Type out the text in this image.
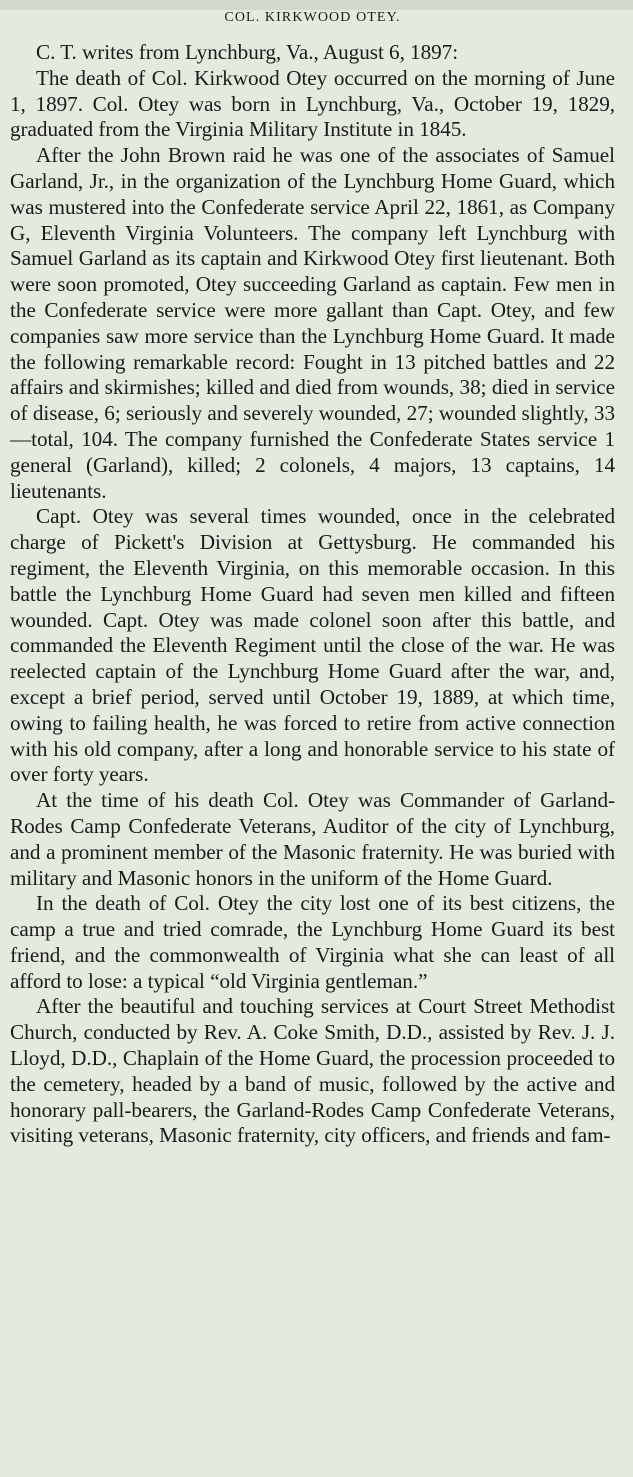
COL. KIRKWOOD OTEY.

C. T. writes from Lynchburg, Va., August 6, 1897:

The death of Col. Kirkwood Otey occurred on the morning of June 1, 1897. Col. Otey was born in Lynchburg, Va., October 19, 1829, graduated from the Virginia Military Institute in 1845.

After the John Brown raid he was one of the associates of Samuel Garland, Jr., in the organization of the Lynchburg Home Guard, which was mustered into the Confederate service April 22, 1861, as Company G, Eleventh Virginia Volunteers. The company left Lynchburg with Samuel Garland as its captain and Kirkwood Otey first lieutenant. Both were soon promoted, Otey succeeding Garland as captain. Few men in the Confederate service were more gallant than Capt. Otey, and few companies saw more service than the Lynchburg Home Guard. It made the following remarkable record: Fought in 13 pitched battles and 22 affairs and skirmishes; killed and died from wounds, 38; died in service of disease, 6; seriously and severely wounded, 27; wounded slightly, 33—total, 104. The company furnished the Confederate States service 1 general (Garland), killed; 2 colonels, 4 majors, 13 captains, 14 lieutenants.

Capt. Otey was several times wounded, once in the celebrated charge of Pickett's Division at Gettysburg. He commanded his regiment, the Eleventh Virginia, on this memorable occasion. In this battle the Lynchburg Home Guard had seven men killed and fifteen wounded. Capt. Otey was made colonel soon after this battle, and commanded the Eleventh Regiment until the close of the war. He was reelected captain of the Lynchburg Home Guard after the war, and, except a brief period, served until October 19, 1889, at which time, owing to failing health, he was forced to retire from active connection with his old company, after a long and honorable service to his state of over forty years.

At the time of his death Col. Otey was Commander of Garland-Rodes Camp Confederate Veterans, Auditor of the city of Lynchburg, and a prominent member of the Masonic fraternity. He was buried with military and Masonic honors in the uniform of the Home Guard.

In the death of Col. Otey the city lost one of its best citizens, the camp a true and tried comrade, the Lynchburg Home Guard its best friend, and the commonwealth of Virginia what she can least of all afford to lose: a typical “old Virginia gentleman.”

After the beautiful and touching services at Court Street Methodist Church, conducted by Rev. A. Coke Smith, D.D., assisted by Rev. J. J. Lloyd, D.D., Chaplain of the Home Guard, the procession proceeded to the cemetery, headed by a band of music, followed by the active and honorary pall-bearers, the Garland-Rodes Camp Confederate Veterans, visiting veterans, Masonic fraternity, city officers, and friends and fam-
